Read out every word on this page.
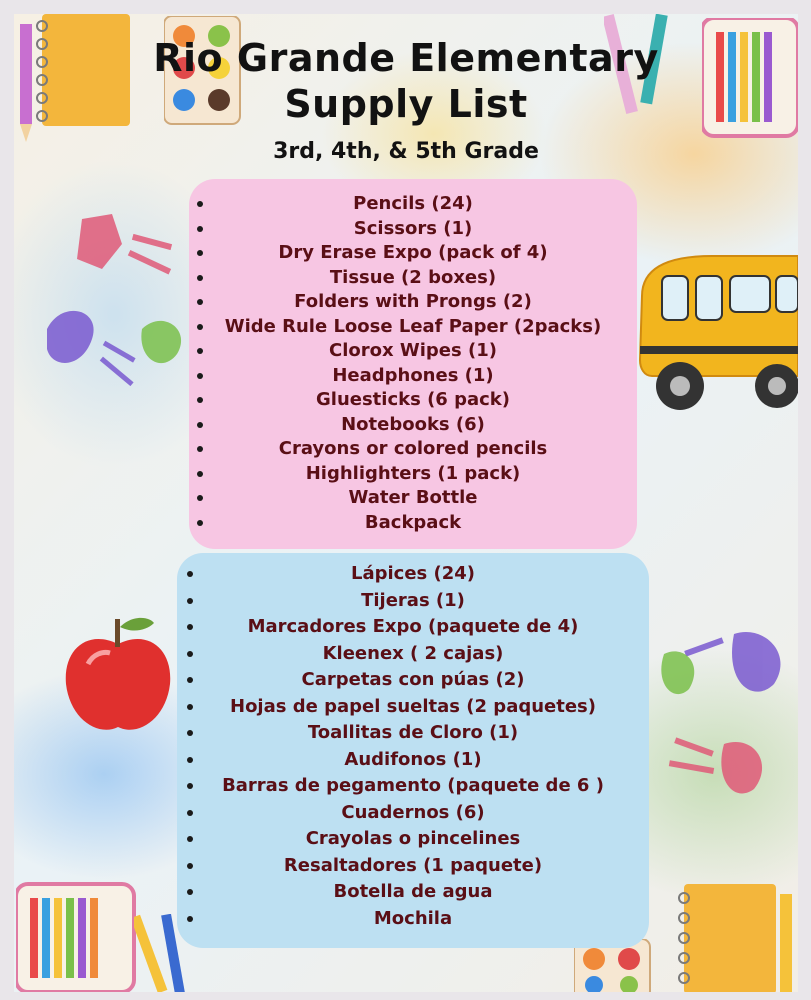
Rio Grande Elementary
Supply List
3rd, 4th, & 5th Grade
Pencils (24)
Scissors (1)
Dry Erase Expo (pack of 4)
Tissue (2 boxes)
Folders with Prongs (2)
Wide Rule Loose Leaf Paper (2packs)
Clorox Wipes (1)
Headphones (1)
Gluesticks (6 pack)
Notebooks (6)
Crayons or colored pencils
Highlighters (1 pack)
Water Bottle
Backpack
Lápices (24)
Tijeras (1)
Marcadores Expo (paquete de 4)
Kleenex ( 2 cajas)
Carpetas con púas (2)
Hojas de papel sueltas (2 paquetes)
Toallitas de Cloro (1)
Audifonos (1)
Barras de pegamento (paquete de 6 )
Cuadernos (6)
Crayolas o pincelines
Resaltadores (1 paquete)
Botella de agua
Mochila
